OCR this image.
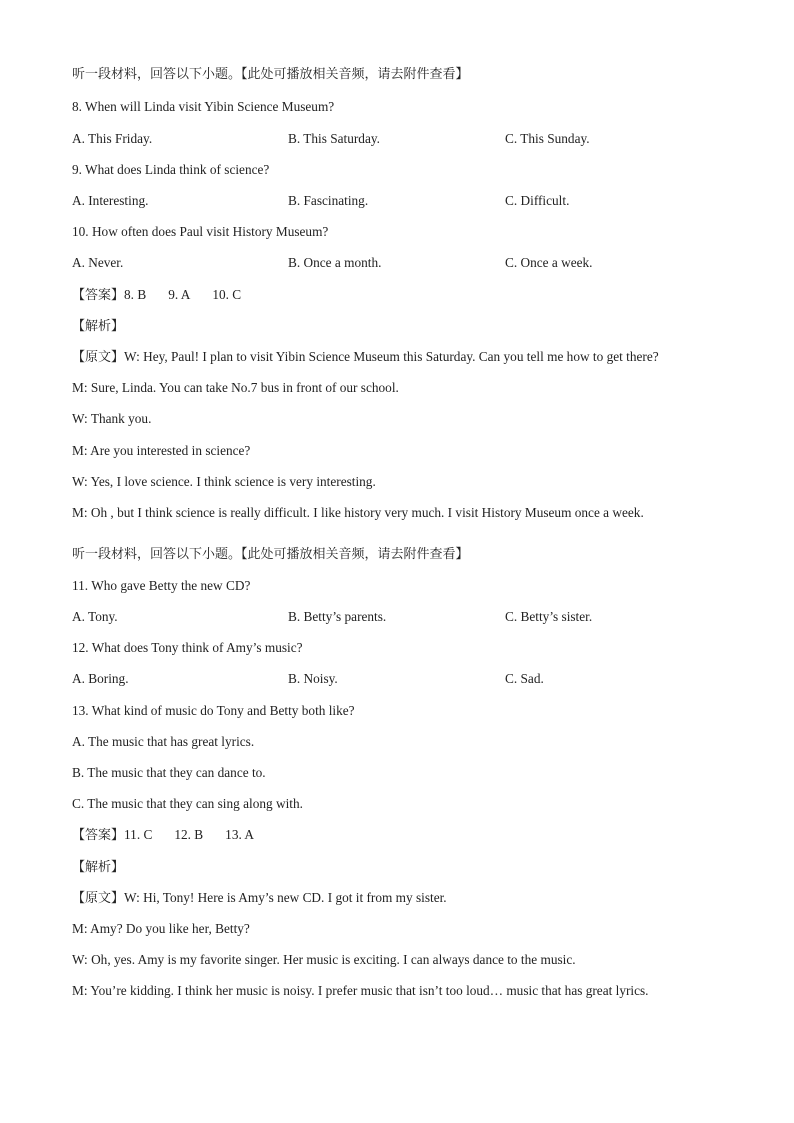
听一段材料，回答以下小题。【此处可播放相关音频，请去附件查看】
8. When will Linda visit Yibin Science Museum?
A. This Friday.	B. This Saturday.	C. This Sunday.
9. What does Linda think of science?
A. Interesting.	B. Fascinating.	C. Difficult.
10. How often does Paul visit History Museum?
A. Never.	B. Once a month.	C. Once a week.
【答案】8. B 9. A 10. C
【解析】
【原文】W: Hey, Paul! I plan to visit Yibin Science Museum this Saturday. Can you tell me how to get there?
M: Sure, Linda. You can take No.7 bus in front of our school.
W: Thank you.
M: Are you interested in science?
W: Yes, I love science. I think science is very interesting.
M: Oh , but I think science is really difficult. I like history very much. I visit History Museum once a week.
听一段材料，回答以下小题。【此处可播放相关音频，请去附件查看】
11. Who gave Betty the new CD?
A. Tony.	B. Betty’s parents.	C. Betty’s sister.
12. What does Tony think of Amy’s music?
A. Boring.	B. Noisy.	C. Sad.
13. What kind of music do Tony and Betty both like?
A. The music that has great lyrics.
B. The music that they can dance to.
C. The music that they can sing along with.
【答案】11. C 12. B 13. A
【解析】
【原文】W: Hi, Tony! Here is Amy’s new CD. I got it from my sister.
M: Amy? Do you like her, Betty?
W: Oh, yes. Amy is my favorite singer. Her music is exciting. I can always dance to the music.
M: You’re kidding. I think her music is noisy. I prefer music that isn’t too loud… music that has great lyrics.
